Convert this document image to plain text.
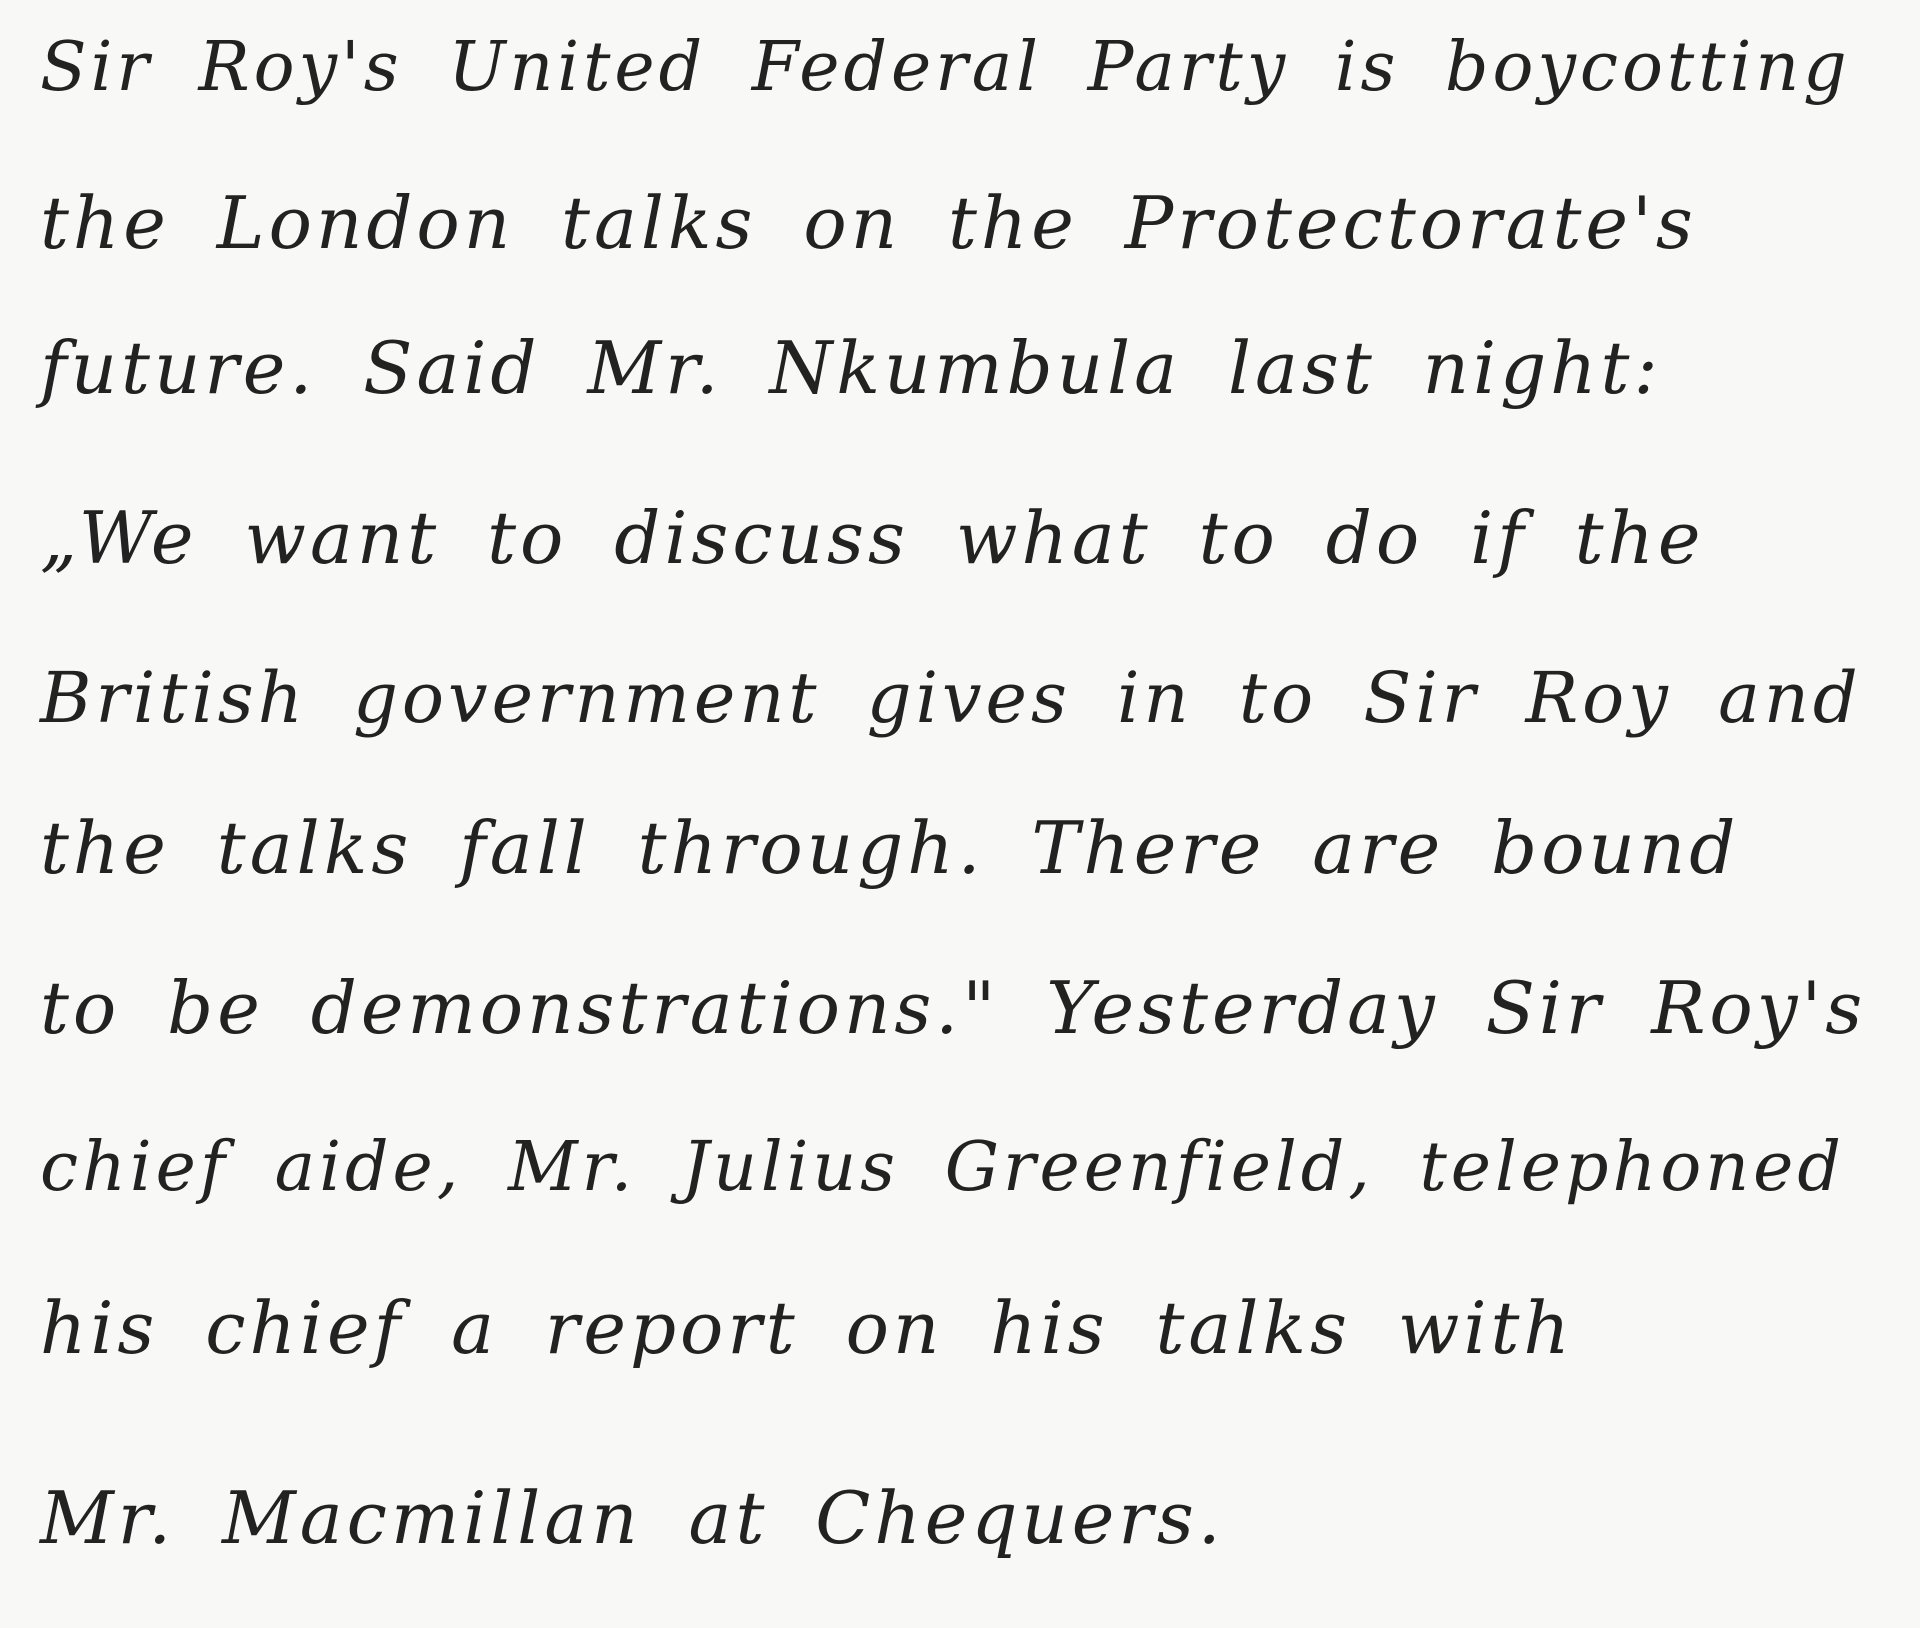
Sir Roy's United Federal Party is boycotting

the London talks on the Protectorate's

future. Said Mr. Nkumbula last night:

„We want to discuss what to do if the

British government gives in to Sir Roy and

the talks fall through. There are bound

to be demonstrations." Yesterday Sir Roy's

chief aide, Mr. Julius Greenfield, telephoned

his chief a report on his talks with

Mr. Macmillan at Chequers.
